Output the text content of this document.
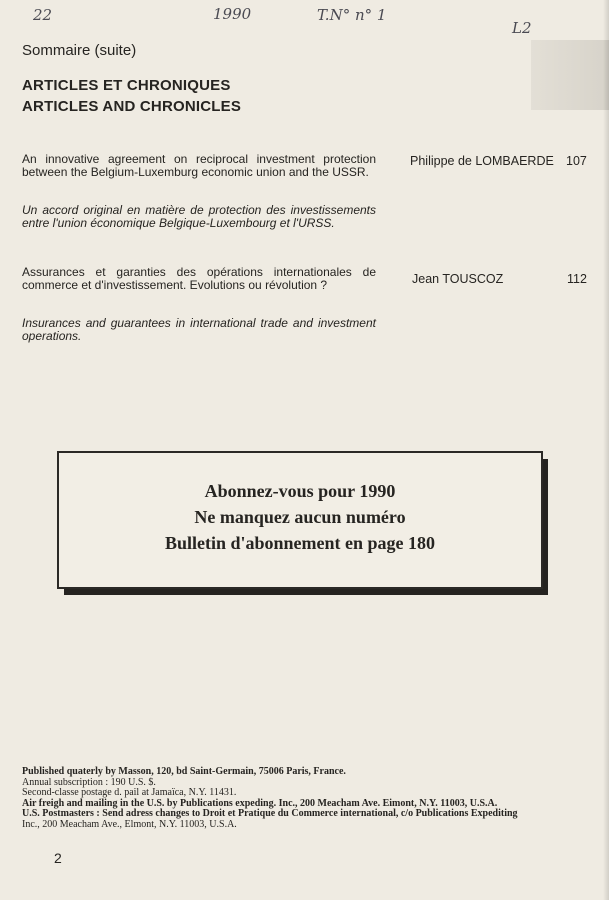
22	1990	T.N° n° 1
L2
Sommaire (suite)
ARTICLES ET CHRONIQUES
ARTICLES AND CHRONICLES
An innovative agreement on reciprocal investment protection between the Belgium-Luxemburg economic union and the USSR.
Un accord original en matière de protection des investissements entre l'union économique Belgique-Luxembourg et l'URSS.
Philippe de LOMBAERDE 107
Assurances et garanties des opérations internationales de commerce et d'investissement. Evolutions ou révolution ?
Insurances and guarantees in international trade and investment operations.
Jean TOUSCOZ	112
Abonnez-vous pour 1990
Ne manquez aucun numéro
Bulletin d'abonnement en page 180
Published quaterly by Masson, 120, bd Saint-Germain, 75006 Paris, France.
Annual subscription : 190 U.S. $.
Second-classe postage d. pail at Jamaïca, N.Y. 11431.
Air freigh and mailing in the U.S. by Publications expeding. Inc., 200 Meacham Ave. Eimont, N.Y. 11003, U.S.A.
U.S. Postmasters : Send adress changes to Droit et Pratique du Commerce international, c/o Publications Expediting
Inc., 200 Meacham Ave., Elmont, N.Y. 11003, U.S.A.
2
